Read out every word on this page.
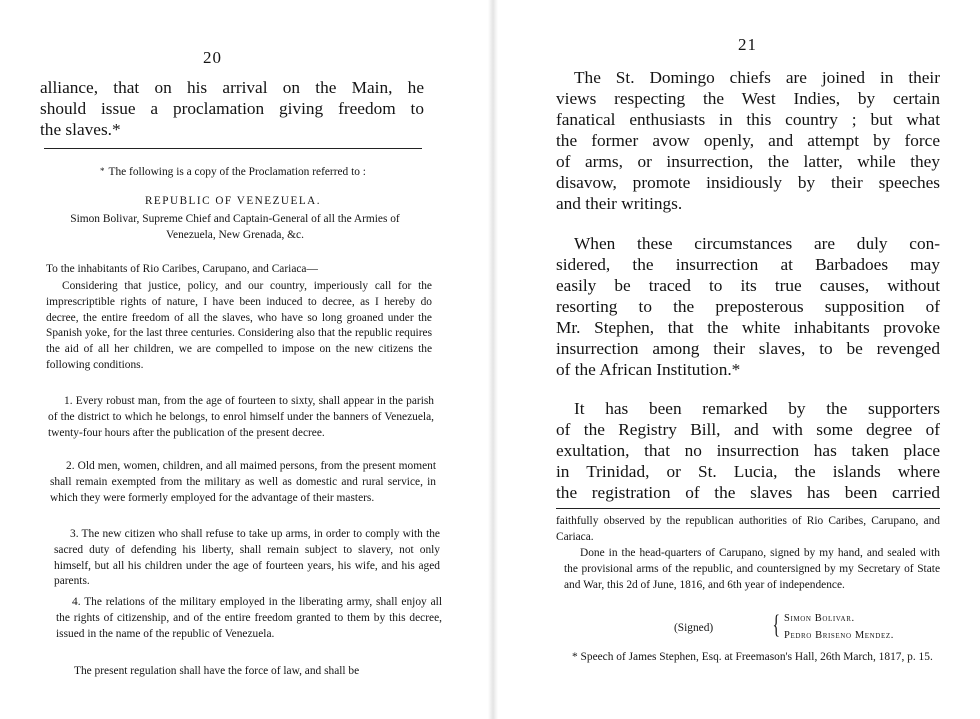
20
alliance, that on his arrival on the Main, he
should issue a proclamation giving freedom to
the slaves.*

* The following is a copy of the Proclamation referred to :

REPUBLIC OF VENEZUELA.

Simon Bolivar, Supreme Chief and Captain-General of all the Armies of Venezuela, New Grenada, &c.

To the inhabitants of Rio Caribes, Carupano, and Cariaca—

Considering that justice, policy, and our country, imperiously call for the imprescriptible rights of nature, I have been induced to decree, as I hereby do decree, the entire freedom of all the slaves, who have so long groaned under the Spanish yoke, for the last three centuries. Considering also that the republic requires the aid of all her children, we are compelled to impose on the new citizens the following conditions.

1. Every robust man, from the age of fourteen to sixty, shall appear in the parish of the district to which he belongs, to enrol himself under the banners of Venezuela, twenty-four hours after the publication of the present decree.

2. Old men, women, children, and all maimed persons, from the present moment shall remain exempted from the military as well as domestic and rural service, in which they were formerly employed for the advantage of their masters.

3. The new citizen who shall refuse to take up arms, in order to comply with the sacred duty of defending his liberty, shall remain subject to slavery, not only himself, but all his children under the age of fourteen years, his wife, and his aged parents.

4. The relations of the military employed in the liberating army, shall enjoy all the rights of citizenship, and of the entire freedom granted to them by this decree, issued in the name of the republic of Venezuela.

The present regulation shall have the force of law, and shall be

21
The St. Domingo chiefs are joined in their
views respecting the West Indies, by certain
fanatical enthusiasts in this country ; but what
the former avow openly, and attempt by force
of arms, or insurrection, the latter, while they
disavow, promote insidiously by their speeches
and their writings.
When these circumstances are duly con-
sidered, the insurrection at Barbadoes may
easily be traced to its true causes, without
resorting to the preposterous supposition of
Mr. Stephen, that the white inhabitants provoke
insurrection among their slaves, to be revenged
of the African Institution.*
It has been remarked by the supporters
of the Registry Bill, and with some degree of
exultation, that no insurrection has taken place
in Trinidad, or St. Lucia, the islands where
the registration of the slaves has been carried

faithfully observed by the republican authorities of Rio Caribes, Carupano, and Cariaca.

Done in the head-quarters of Carupano, signed by my hand, and sealed with the provisional arms of the republic, and countersigned by my Secretary of State and War, this 2d of June, 1816, and 6th year of independence.

(Signed) { Simon Bolivar.
Pedro Briseno Mendez.

* Speech of James Stephen, Esq. at Freemason's Hall, 26th March, 1817, p. 15.
